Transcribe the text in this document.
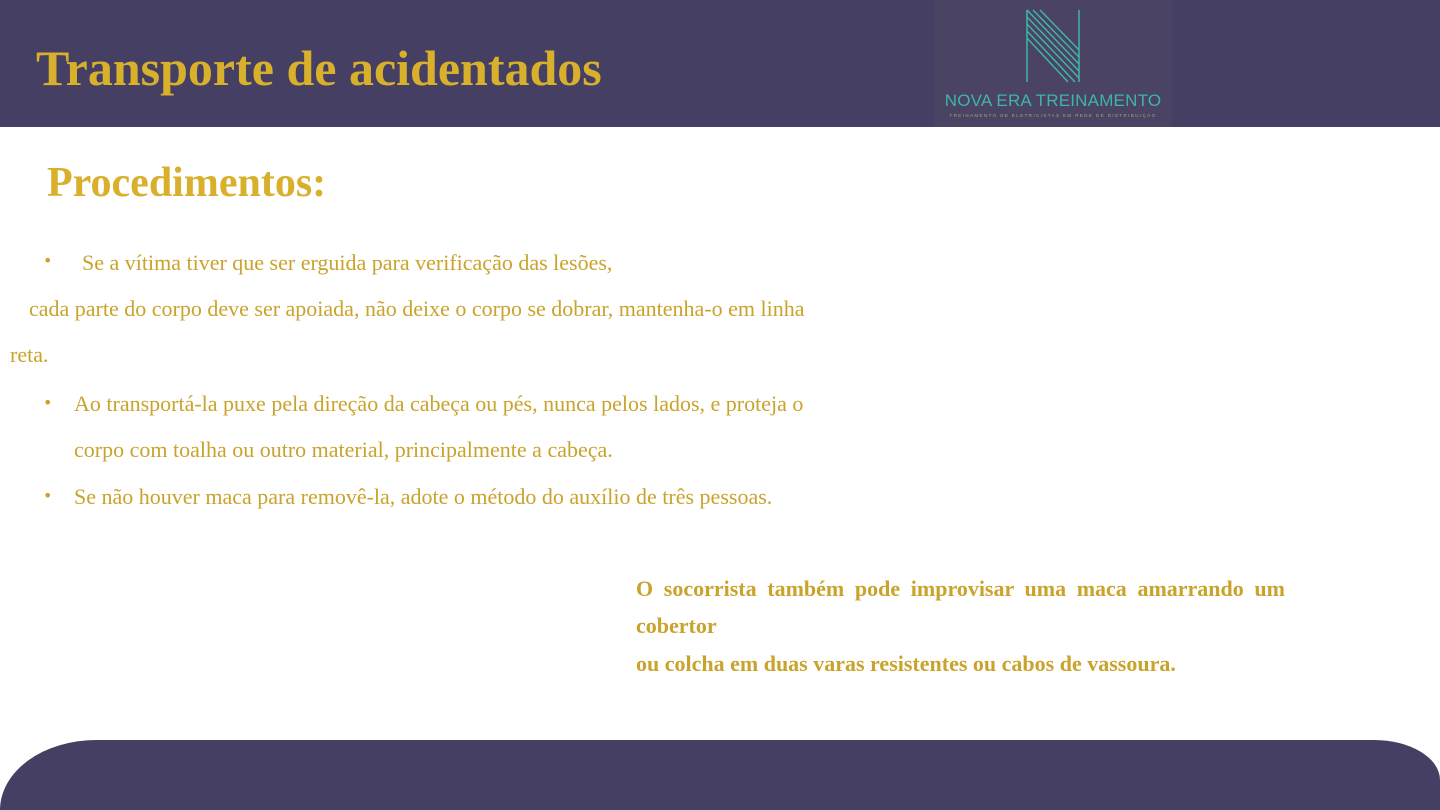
Transporte de acidentados
NOVA ERA TREINAMENTO
TREINAMENTO DE ELETRICISTAS EM REDE DE DISTRIBUIÇÃO
Procedimentos:
• Se a vítima tiver que ser erguida para verificação das lesões,
cada parte do corpo deve ser apoiada, não deixe o corpo se dobrar, mantenha-o em linha
reta.
• Ao transportá-la puxe pela direção da cabeça ou pés, nunca pelos lados, e proteja o
corpo com toalha ou outro material, principalmente a cabeça.
• Se não houver maca para removê-la, adote o método do auxílio de três pessoas.

O socorrista também pode improvisar uma maca amarrando um cobertor

ou colcha em duas varas resistentes ou cabos de vassoura.
